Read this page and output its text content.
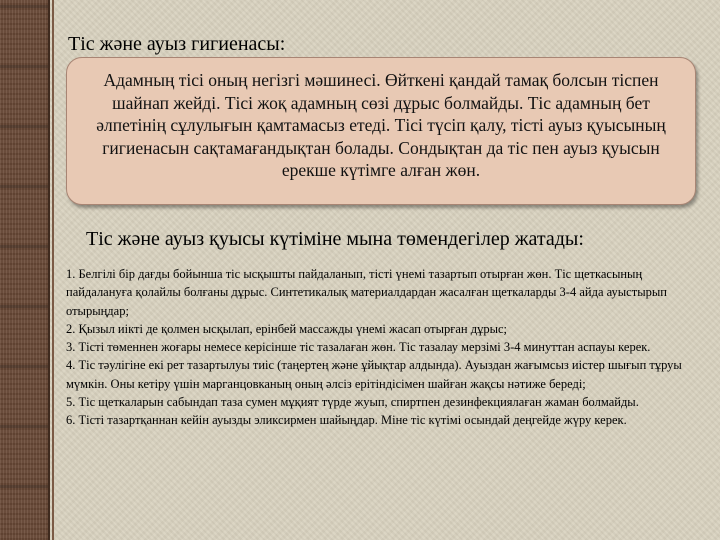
Тіс және ауыз гигиенасы:
Адамның тісі оның негізгі мәшинесі. Өйткені қандай тамақ болсын тіспен шайнап жейді. Тісі жоқ адамның сөзі дұрыс болмайды. Тіс адамның бет әлпетінің сұлулығын қамтамасыз етеді. Тісі түсіп қалу, тісті ауыз қуысының гигиенасын сақтамағандықтан болады. Сондықтан да тіс пен ауыз қуысын ерекше күтімге алған жөн.
Тіс және ауыз қуысы күтіміне мына төмендегілер жатады:
1. Белгілі бір дағды бойынша тіс ысқышты пайдаланып, тісті үнемі тазартып отырған жөн. Тіс щеткасының пайдалануға қолайлы болғаны дұрыс. Синтетикалық материалдардан жасалған щеткаларды 3-4 айда ауыстырып отырыңдар;
2. Қызыл иікті де қолмен ысқылап, ерінбей массажды үнемі жасап отырған дұрыс;
3. Тісті төменнен жоғары немесе керісінше тіс тазалаған жөн. Тіс тазалау мерзімі 3-4 минуттан аспауы керек.
4. Тіс тәулігіне екі рет тазартылуы тиіс (таңертең және ұйықтар алдында). Ауыздан жағымсыз иістер шығып тұруы мүмкін. Оны кетіру үшін марганцовканың оның әлсіз ерітіндісімен шайған жақсы нәтиже береді;
5. Тіс щеткаларын сабындап таза сумен мұқият түрде жуып, спиртпен дезинфекциялаған жаман болмайды.
6. Тісті тазартқаннан кейін ауызды эликсирмен шайыңдар. Міне тіс күтімі осындай деңгейде жүру керек.
